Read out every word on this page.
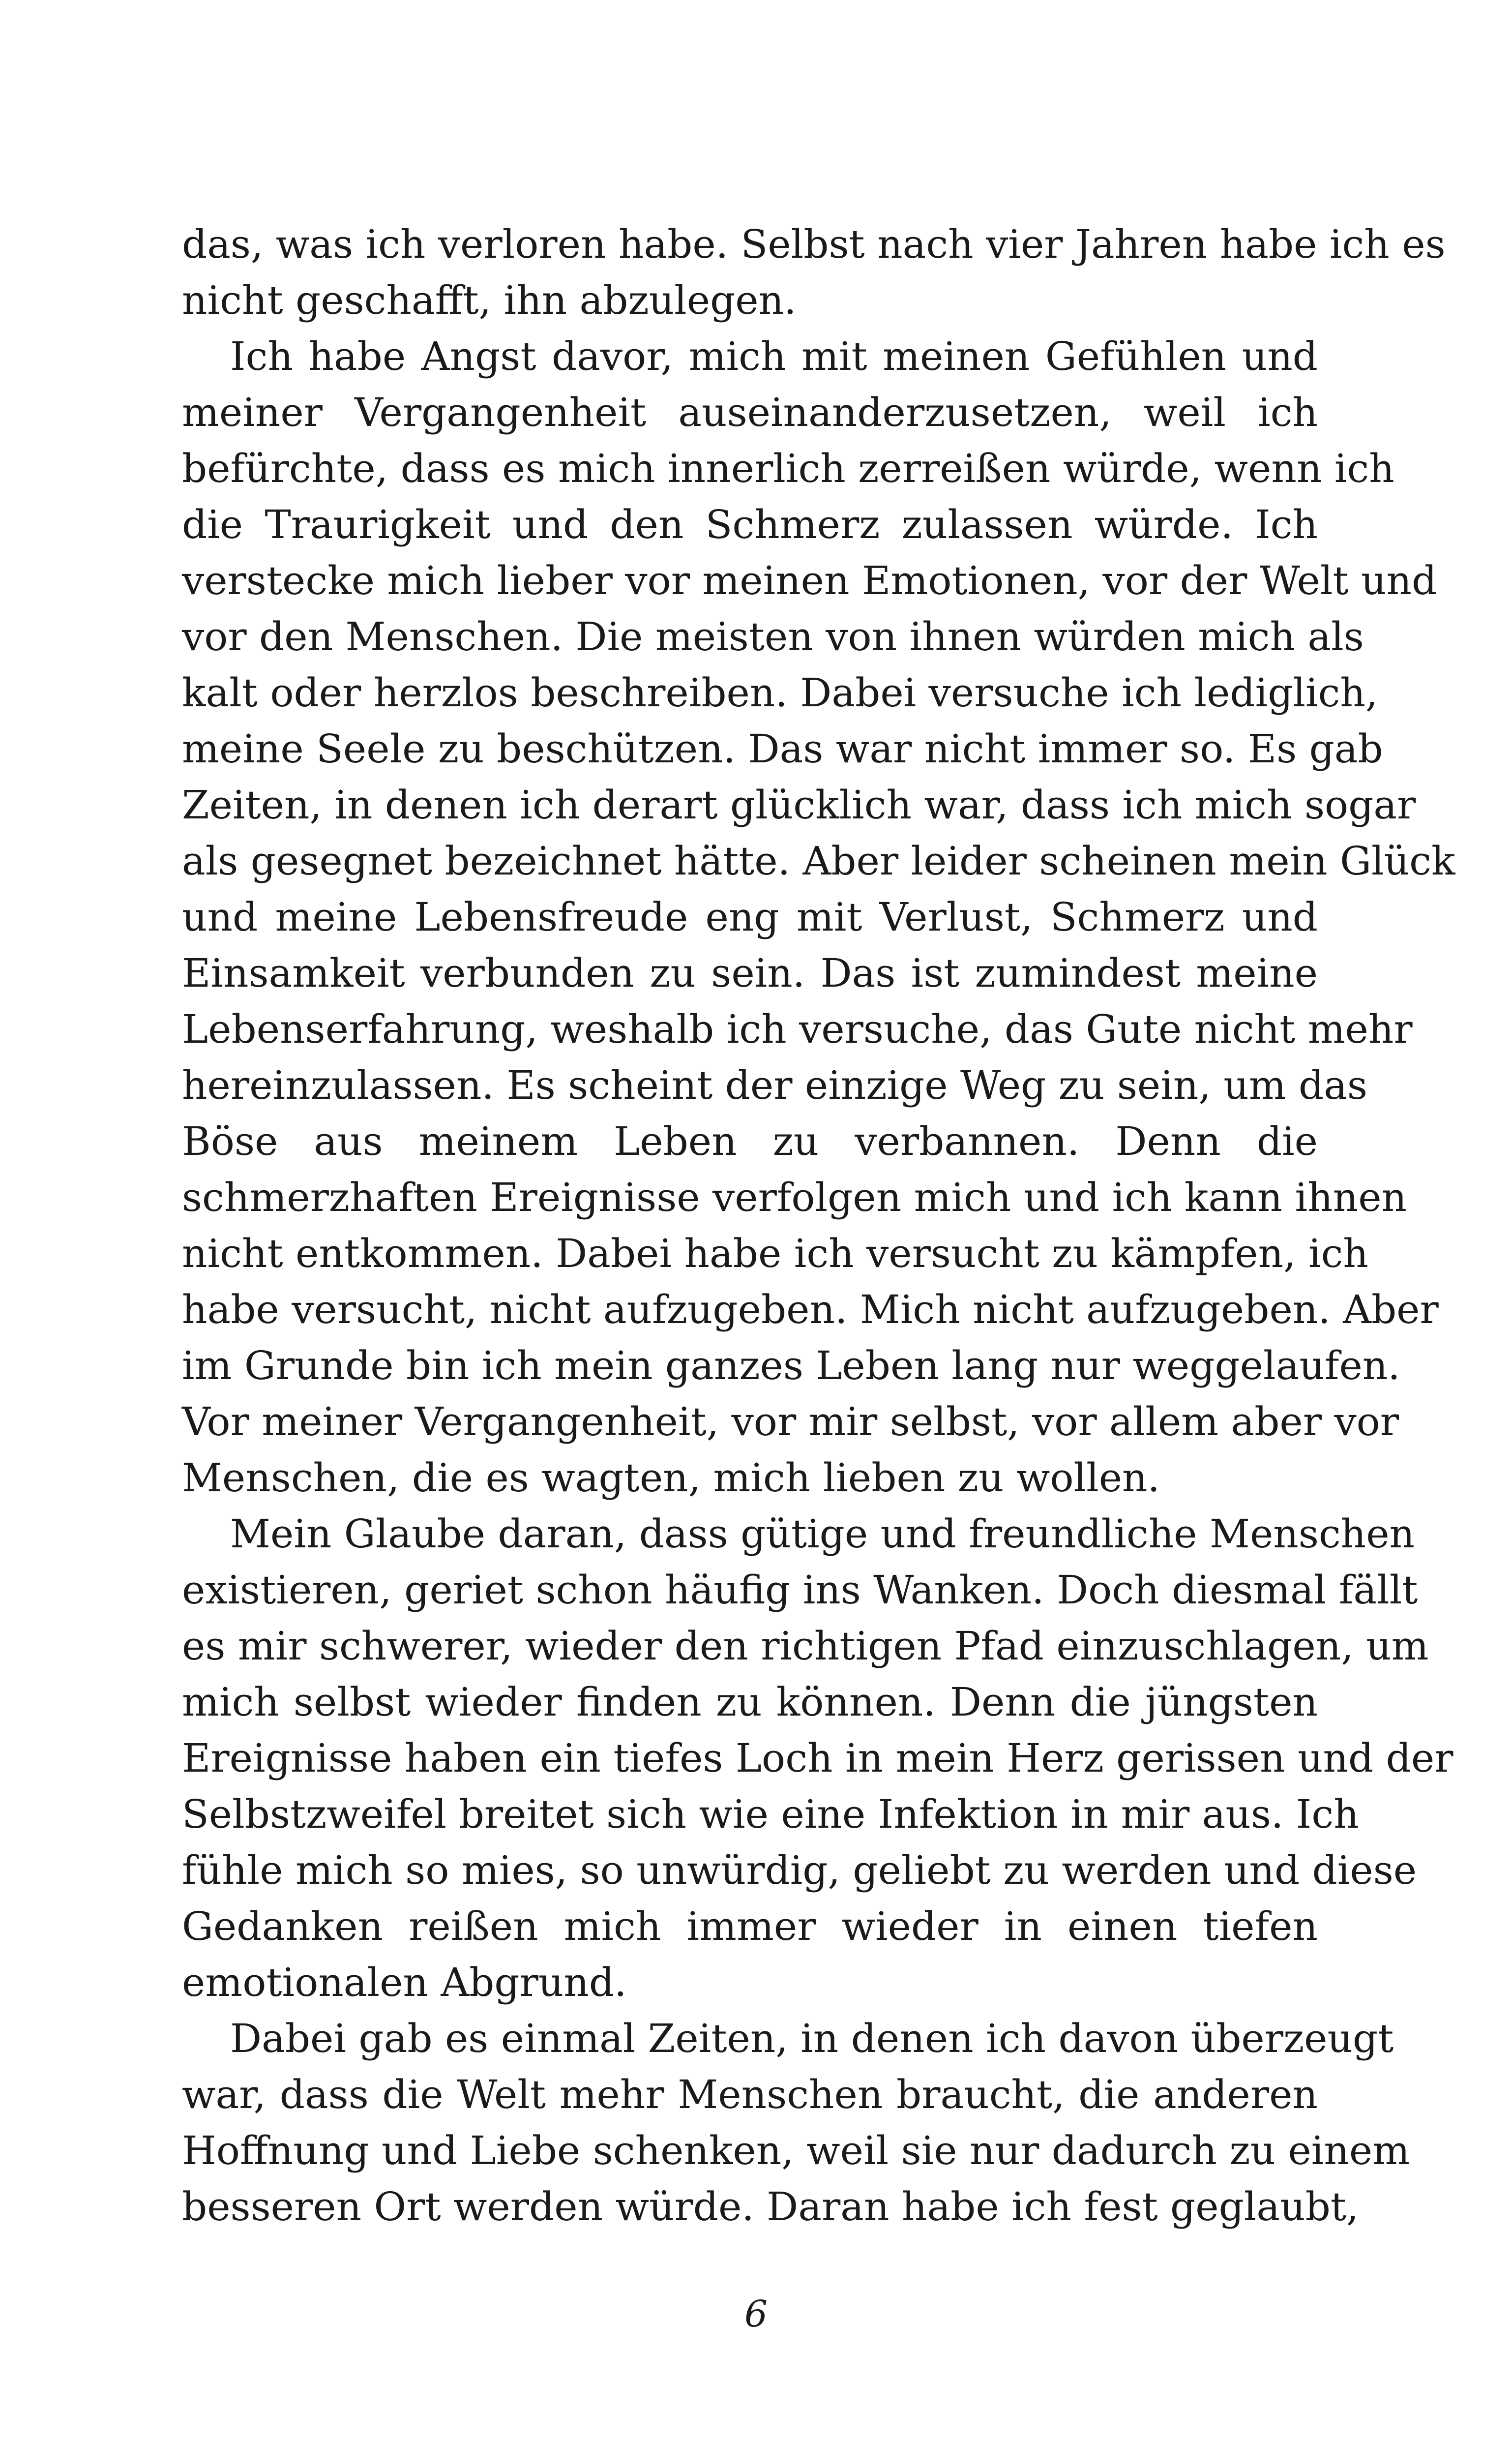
das, was ich verloren habe. Selbst nach vier Jahren habe ich es
nicht geschafft, ihn abzulegen.
Ich habe Angst davor, mich mit meinen Gefühlen und
meiner Vergangenheit auseinanderzusetzen, weil ich
befürchte, dass es mich innerlich zerreißen würde, wenn ich
die Traurigkeit und den Schmerz zulassen würde. Ich
verstecke mich lieber vor meinen Emotionen, vor der Welt und
vor den Menschen. Die meisten von ihnen würden mich als
kalt oder herzlos beschreiben. Dabei versuche ich lediglich,
meine Seele zu beschützen. Das war nicht immer so. Es gab
Zeiten, in denen ich derart glücklich war, dass ich mich sogar
als gesegnet bezeichnet hätte. Aber leider scheinen mein Glück
und meine Lebensfreude eng mit Verlust, Schmerz und
Einsamkeit verbunden zu sein. Das ist zumindest meine
Lebenserfahrung, weshalb ich versuche, das Gute nicht mehr
hereinzulassen. Es scheint der einzige Weg zu sein, um das
Böse aus meinem Leben zu verbannen. Denn die
schmerzhaften Ereignisse verfolgen mich und ich kann ihnen
nicht entkommen. Dabei habe ich versucht zu kämpfen, ich
habe versucht, nicht aufzugeben. Mich nicht aufzugeben. Aber
im Grunde bin ich mein ganzes Leben lang nur weggelaufen.
Vor meiner Vergangenheit, vor mir selbst, vor allem aber vor
Menschen, die es wagten, mich lieben zu wollen.
Mein Glaube daran, dass gütige und freundliche Menschen
existieren, geriet schon häufig ins Wanken. Doch diesmal fällt
es mir schwerer, wieder den richtigen Pfad einzuschlagen, um
mich selbst wieder finden zu können. Denn die jüngsten
Ereignisse haben ein tiefes Loch in mein Herz gerissen und der
Selbstzweifel breitet sich wie eine Infektion in mir aus. Ich
fühle mich so mies, so unwürdig, geliebt zu werden und diese
Gedanken reißen mich immer wieder in einen tiefen
emotionalen Abgrund.
Dabei gab es einmal Zeiten, in denen ich davon überzeugt
war, dass die Welt mehr Menschen braucht, die anderen
Hoffnung und Liebe schenken, weil sie nur dadurch zu einem
besseren Ort werden würde. Daran habe ich fest geglaubt,
6
